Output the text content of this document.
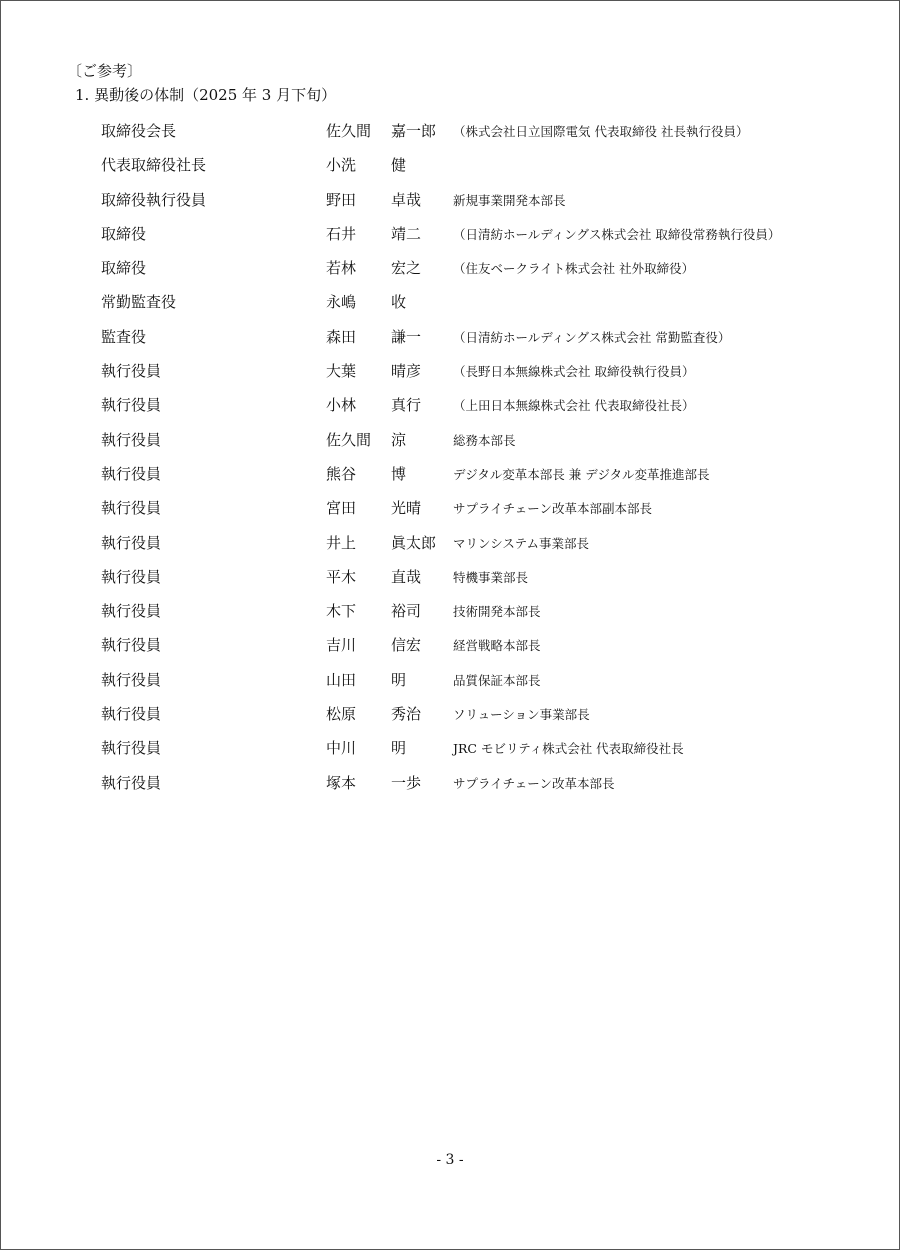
〔ご参考〕
1. 異動後の体制（2025 年 3 月下旬）
取締役会長	佐久間 嘉一郎 （株式会社日立国際電気 代表取締役 社長執行役員）
代表取締役社長	小洗 健
取締役執行役員	野田 卓哉	新規事業開発本部長
取締役	石井 靖二	（日清紡ホールディングス株式会社 取締役常務執行役員）
取締役	若林 宏之	（住友ベークライト株式会社 社外取締役）
常勤監査役	永嶋 收
監査役	森田 謙一	（日清紡ホールディングス株式会社 常勤監査役）
執行役員	大葉 晴彦	（長野日本無線株式会社 取締役執行役員）
執行役員	小林 真行	（上田日本無線株式会社 代表取締役社長）
執行役員	佐久間 涼	総務本部長
執行役員	熊谷 博	デジタル変革本部長 兼 デジタル変革推進部長
執行役員	宮田 光晴	サプライチェーン改革本部副本部長
執行役員	井上 眞太郎 マリンシステム事業部長
執行役員	平木 直哉	特機事業部長
執行役員	木下 裕司	技術開発本部長
執行役員	吉川 信宏	経営戦略本部長
執行役員	山田 明	品質保証本部長
執行役員	松原 秀治	ソリューション事業部長
執行役員	中川 明	JRC モビリティ株式会社 代表取締役社長
執行役員	塚本 一歩	サプライチェーン改革本部長
- 3 -
